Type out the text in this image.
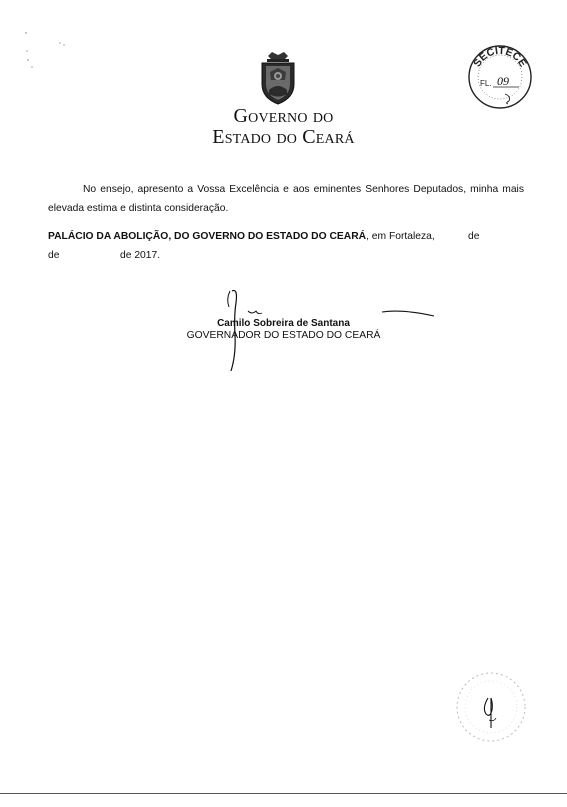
Governo do
Estado do Ceará
SECITECE
FL. 09
No ensejo, apresento a Vossa Excelência e aos eminentes Senhores Deputados, minha mais elevada estima e distinta consideração.
PALÁCIO DA ABOLIÇÃO, DO GOVERNO DO ESTADO DO CEARÁ, em Fortaleza,	de
de	de 2017.
Camilo Sobreira de Santana
GOVERNADOR DO ESTADO DO CEARÁ
